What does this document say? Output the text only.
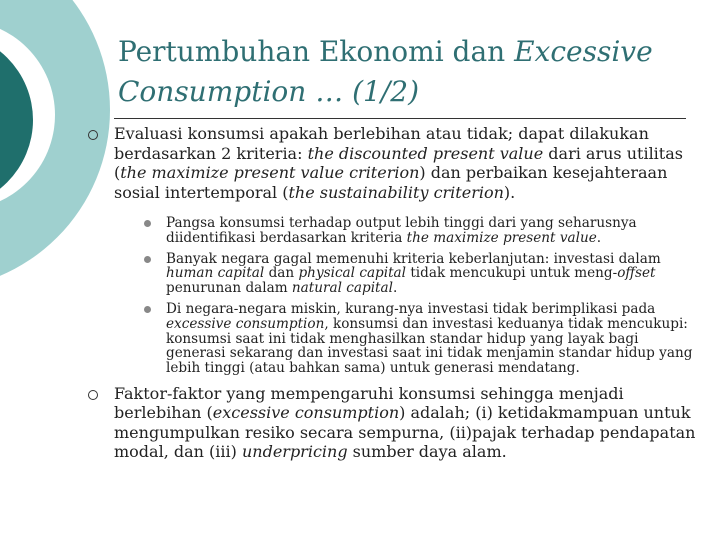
Pertumbuhan Ekonomi dan Excessive
Consumption … (1/2)
Evaluasi konsumsi apakah berlebihan atau tidak; dapat dilakukan berdasarkan 2 kriteria: the discounted present value dari arus utilitas (the maximize present value criterion) dan perbaikan kesejahteraan sosial intertemporal (the sustainability criterion).
Pangsa konsumsi terhadap output lebih tinggi dari yang seharusnya diidentifikasi berdasarkan kriteria the maximize present value.
Banyak negara gagal memenuhi kriteria keberlanjutan: investasi dalam human capital dan physical capital tidak mencukupi untuk meng-offset penurunan dalam natural capital.
Di negara-negara miskin, kurang-nya investasi tidak berimplikasi pada excessive consumption, konsumsi dan investasi keduanya tidak mencukupi: konsumsi saat ini tidak menghasilkan standar hidup yang layak bagi generasi sekarang dan investasi saat ini tidak menjamin standar hidup yang lebih tinggi (atau bahkan sama) untuk generasi mendatang.
Faktor-faktor yang mempengaruhi konsumsi sehingga menjadi berlebihan (excessive consumption) adalah; (i) ketidakmampuan untuk mengumpulkan resiko secara sempurna, (ii)pajak terhadap pendapatan modal, dan (iii) underpricing sumber daya alam.
